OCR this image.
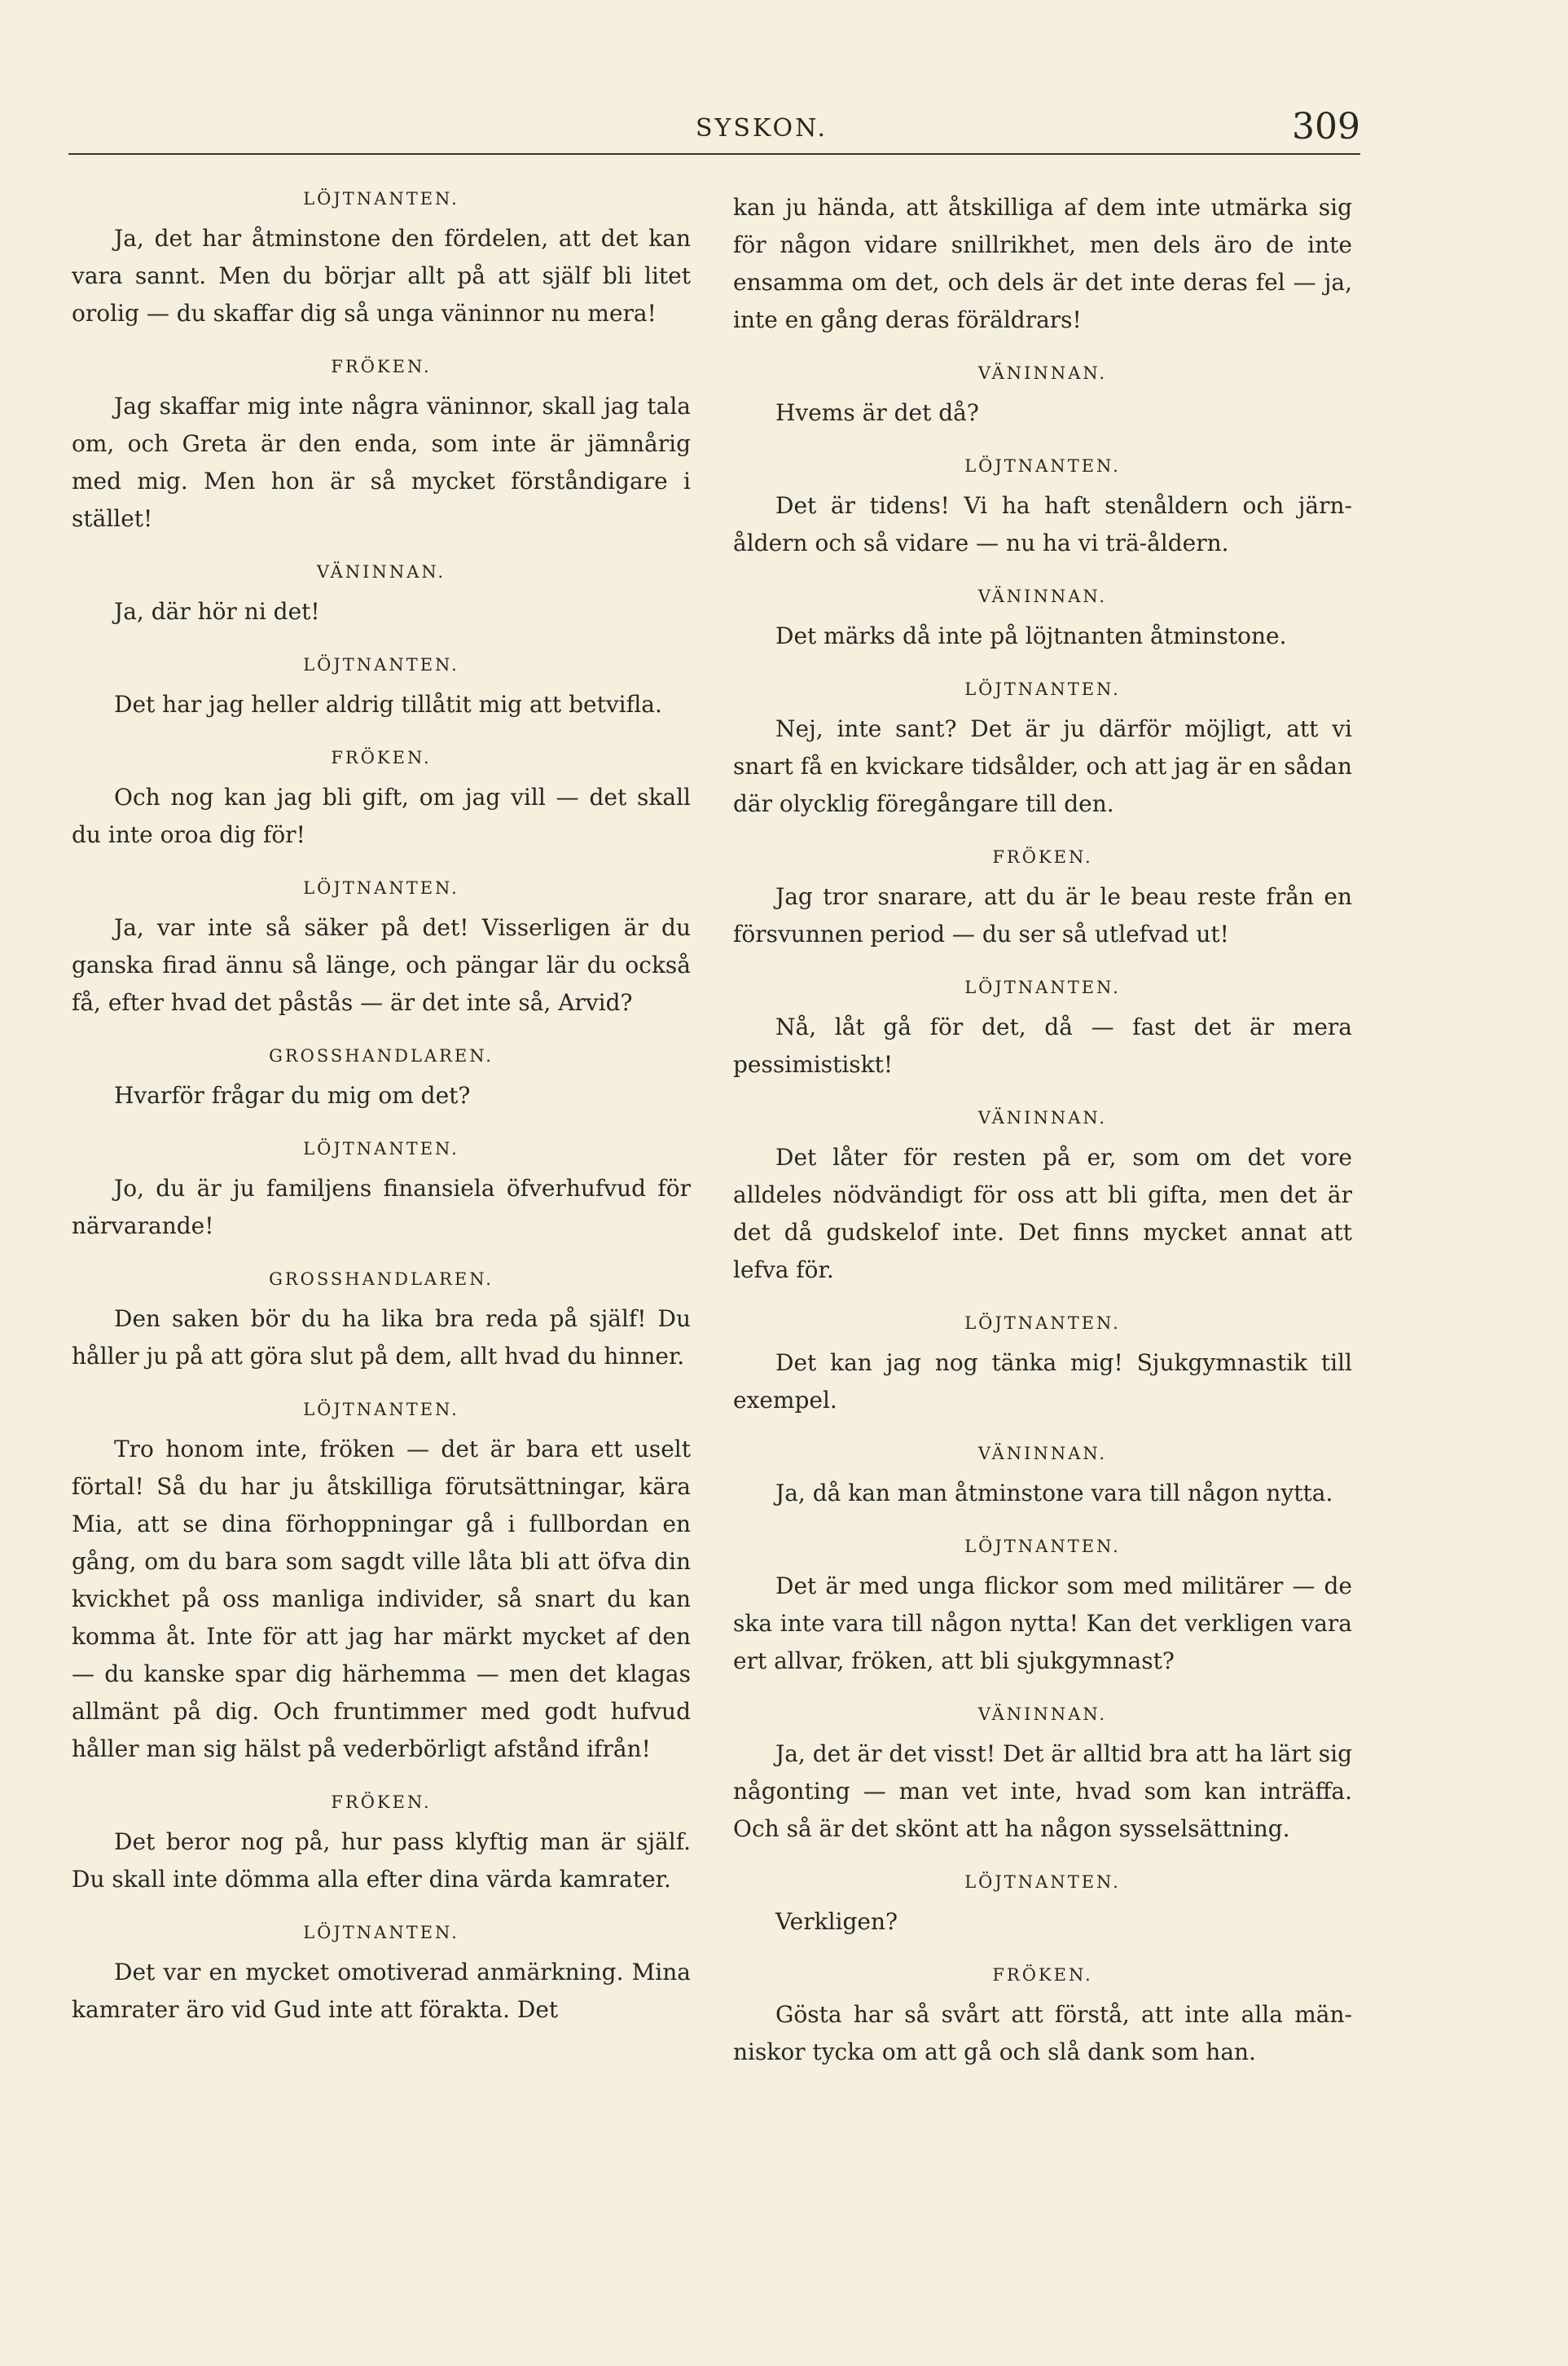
SYSKON.	309
LÖJTNANTEN.

Ja, det har åtminstone den fördelen, att det kan vara sannt. Men du börjar allt på att själf bli litet orolig — du skaffar dig så unga väninnor nu mera!

FRÖKEN.

Jag skaffar mig inte några väninnor, skall jag tala om, och Greta är den enda, som inte är jämnårig med mig. Men hon är så mycket förståndigare i stället!

VÄNINNAN.

Ja, där hör ni det!

LÖJTNANTEN.

Det har jag heller aldrig tillåtit mig att betvifla.

FRÖKEN.

Och nog kan jag bli gift, om jag vill — det skall du inte oroa dig för!

LÖJTNANTEN.

Ja, var inte så säker på det! Visserligen är du ganska firad ännu så länge, och pängar lär du också få, efter hvad det påstås — är det inte så, Arvid?

GROSSHANDLAREN.

Hvarför frågar du mig om det?

LÖJTNANTEN.

Jo, du är ju familjens finansiela öfverhufvud för närvarande!

GROSSHANDLAREN.

Den saken bör du ha lika bra reda på själf! Du håller ju på att göra slut på dem, allt hvad du hinner.

LÖJTNANTEN.

Tro honom inte, fröken — det är bara ett uselt förtal! Så du har ju åtskilliga förutsättningar, kära Mia, att se dina förhoppningar gå i fullbordan en gång, om du bara som sagdt ville låta bli att öfva din kvickhet på oss manliga individer, så snart du kan komma åt. Inte för att jag har märkt mycket af den — du kanske spar dig härhemma — men det klagas allmänt på dig. Och fruntimmer med godt hufvud håller man sig hälst på vederbörligt afstånd ifrån!

FRÖKEN.

Det beror nog på, hur pass klyftig man är själf. Du skall inte dömma alla efter dina värda kamrater.

LÖJTNANTEN.

Det var en mycket omotiverad anmärkning. Mina kamrater äro vid Gud inte att förakta. Det

kan ju hända, att åtskilliga af dem inte utmärka sig för någon vidare snillrikhet, men dels äro de inte ensamma om det, och dels är det inte deras fel — ja, inte en gång deras föräldrars!

VÄNINNAN.

Hvems är det då?

LÖJTNANTEN.

Det är tidens! Vi ha haft stenåldern och järnåldern och så vidare — nu ha vi trä-åldern.

VÄNINNAN.

Det märks då inte på löjtnanten åtminstone.

LÖJTNANTEN.

Nej, inte sant? Det är ju därför möjligt, att vi snart få en kvickare tidsålder, och att jag är en sådan där olycklig föregångare till den.

FRÖKEN.

Jag tror snarare, att du är le beau reste från en försvunnen period — du ser så utlefvad ut!

LÖJTNANTEN.

Nå, låt gå för det, då — fast det är mera pessimistiskt!

VÄNINNAN.

Det låter för resten på er, som om det vore alldeles nödvändigt för oss att bli gifta, men det är det då gudskelof inte. Det finns mycket annat att lefva för.

LÖJTNANTEN.

Det kan jag nog tänka mig! Sjukgymnastik till exempel.

VÄNINNAN.

Ja, då kan man åtminstone vara till någon nytta.

LÖJTNANTEN.

Det är med unga flickor som med militärer — de ska inte vara till någon nytta! Kan det verkligen vara ert allvar, fröken, att bli sjukgymnast?

VÄNINNAN.

Ja, det är det visst! Det är alltid bra att ha lärt sig någonting — man vet inte, hvad som kan inträffa. Och så är det skönt att ha någon sysselsättning.

LÖJTNANTEN.

Verkligen?

FRÖKEN.

Gösta har så svårt att förstå, att inte alla människor tycka om att gå och slå dank som han.
